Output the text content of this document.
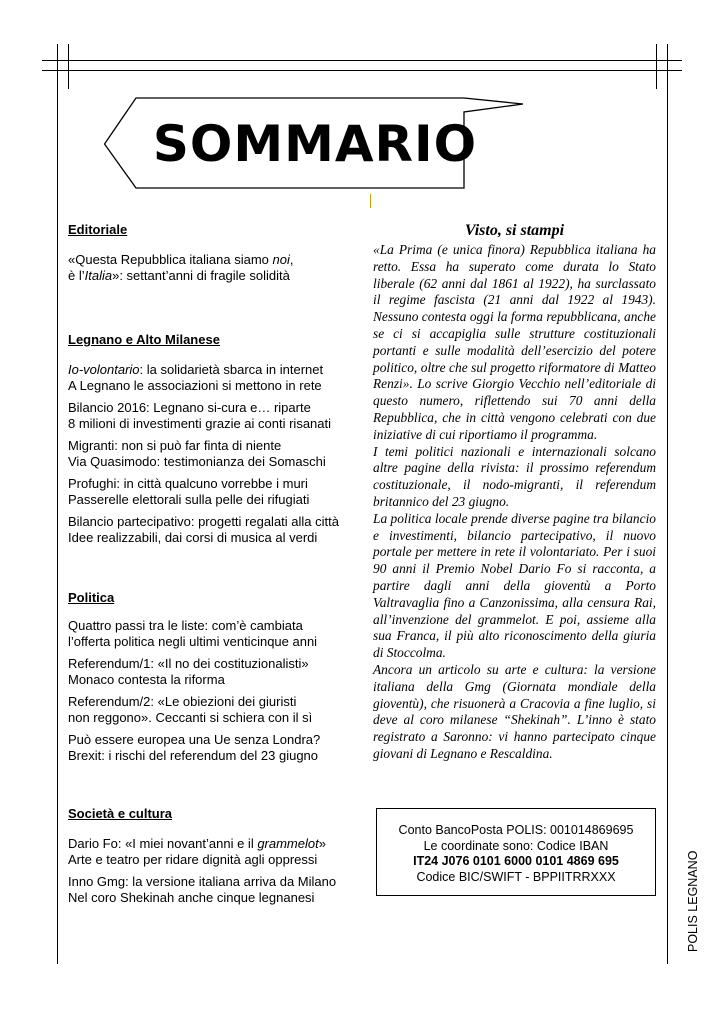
SOMMARIO
Editoriale
«Questa Repubblica italiana siamo noi,
è l’Italia»: settant’anni di fragile solidità
Legnano e Alto Milanese
Io-volontario: la solidarietà sbarca in internet
A Legnano le associazioni si mettono in rete
Bilancio 2016: Legnano si-cura e… riparte
8 milioni di investimenti grazie ai conti risanati
Migranti: non si può far finta di niente
Via Quasimodo: testimonianza dei Somaschi
Profughi: in città qualcuno vorrebbe i muri
Passerelle elettorali sulla pelle dei rifugiati
Bilancio partecipativo: progetti regalati alla città
Idee realizzabili, dai corsi di musica al verdi
Politica
Quattro passi tra le liste: com’è cambiata
l’offerta politica negli ultimi venticinque anni
Referendum/1: «Il no dei costituzionalisti»
Monaco contesta la riforma
Referendum/2: «Le obiezioni dei giuristi
non reggono». Ceccanti si schiera con il sì
Può essere europea una Ue senza Londra?
Brexit: i rischi del referendum del 23 giugno
Società e cultura
Dario Fo: «I miei novant’anni e il grammelot»
Arte e teatro per ridare dignità agli oppressi
Inno Gmg: la versione italiana arriva da Milano
Nel coro Shekinah anche cinque legnanesi
Visto, si stampi

«La Prima (e unica finora) Repubblica italiana ha retto. Essa ha superato come durata lo Stato liberale (62 anni dal 1861 al 1922), ha surclassato il regime fascista (21 anni dal 1922 al 1943). Nessuno contesta oggi la forma repubblicana, anche se ci si accapiglia sulle strutture costituzionali portanti e sulle modalità dell’esercizio del potere politico, oltre che sul progetto riformatore di Matteo Renzi». Lo scrive Giorgio Vecchio nell’editoriale di questo numero, riflettendo sui 70 anni della Repubblica, che in città vengono celebrati con due iniziative di cui riportiamo il programma.

I temi politici nazionali e internazionali solcano altre pagine della rivista: il prossimo referendum costituzionale, il nodo-migranti, il referendum britannico del 23 giugno.

La politica locale prende diverse pagine tra bilancio e investimenti, bilancio partecipativo, il nuovo portale per mettere in rete il volontariato. Per i suoi 90 anni il Premio Nobel Dario Fo si racconta, a partire dagli anni della gioventù a Porto Valtravaglia fino a Canzonissima, alla censura Rai, all’invenzione del grammelot. E poi, assieme alla sua Franca, il più alto riconoscimento della giuria di Stoccolma.

Ancora un articolo su arte e cultura: la versione italiana della Gmg (Giornata mondiale della gioventù), che risuonerà a Cracovia a fine luglio, si deve al coro milanese “Shekinah”. L’inno è stato registrato a Saronno: vi hanno partecipato cinque giovani di Legnano e Rescaldina.

Conto BancoPosta POLIS: 001014869695
Le coordinate sono: Codice IBAN
IT24 J076 0101 6000 0101 4869 695
Codice BIC/SWIFT - BPPIITRRXXX	POLIS LEGNANO
